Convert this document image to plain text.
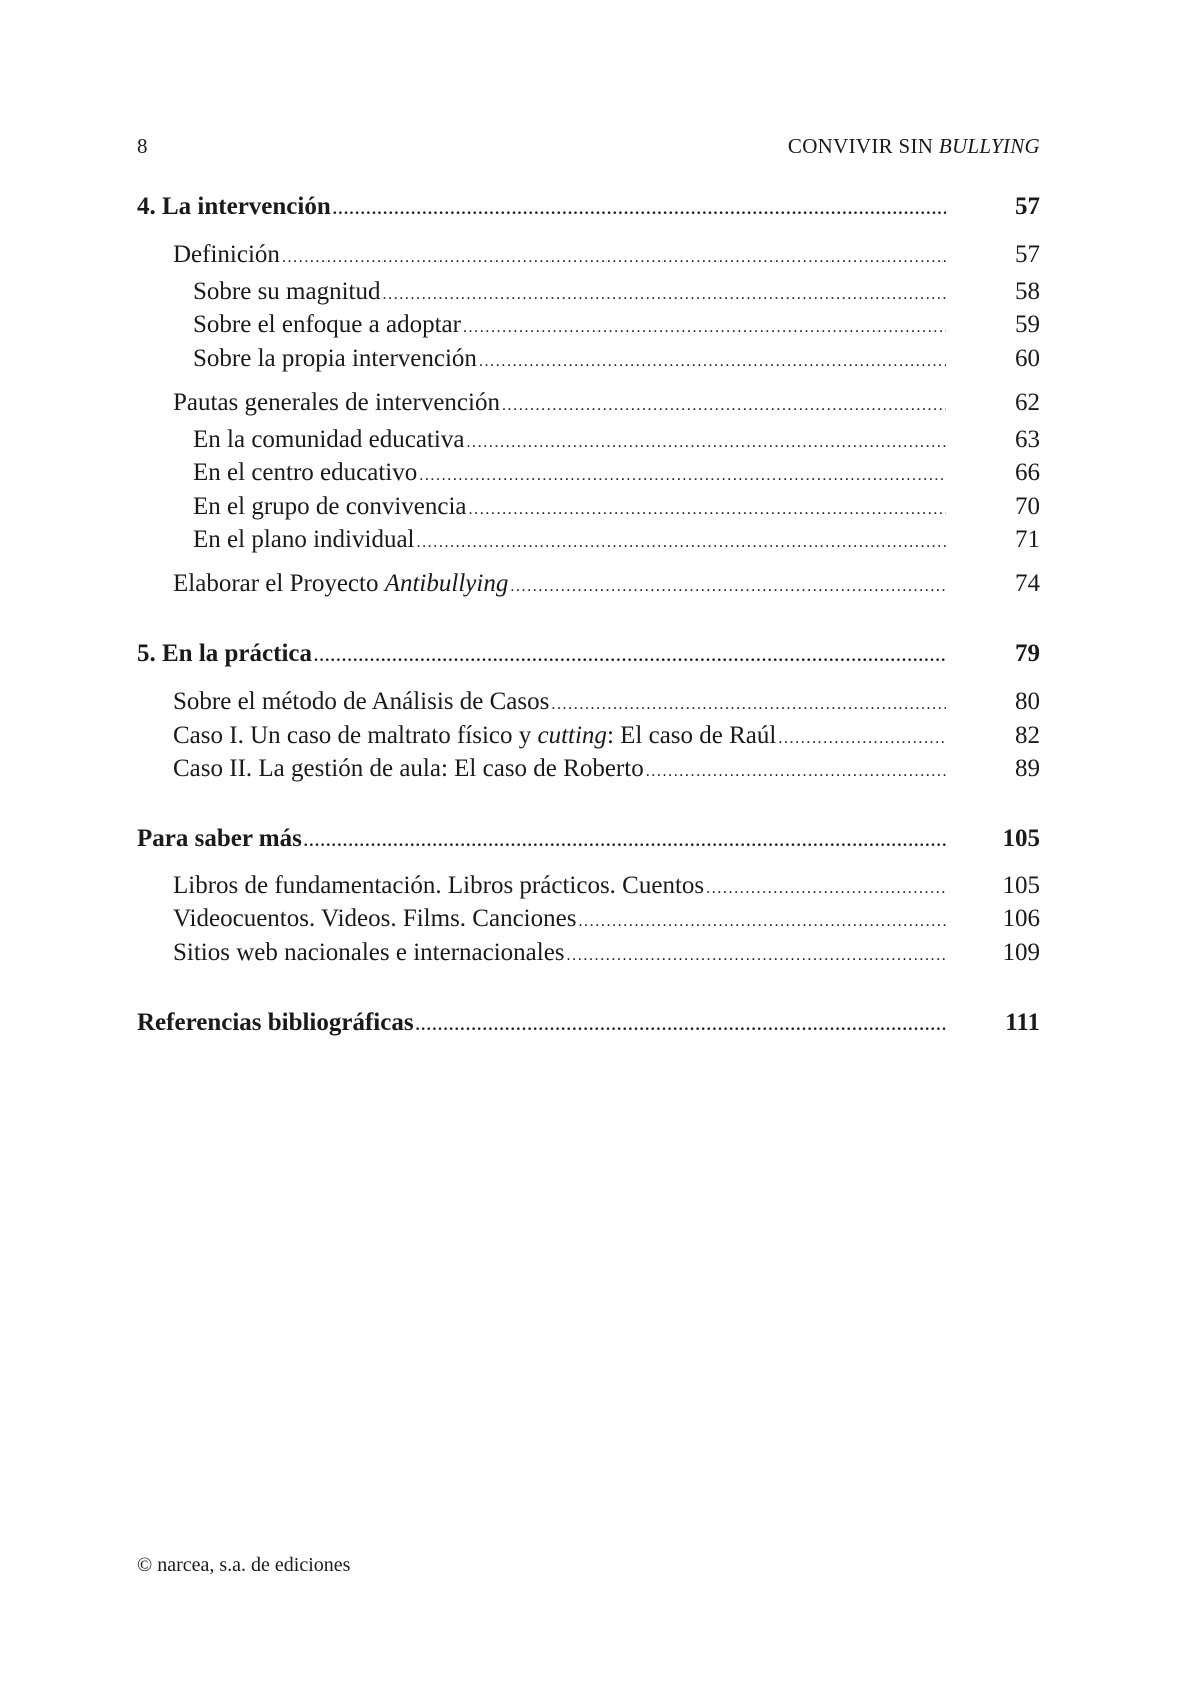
8	CONVIVIR SIN BULLYING
4. La intervención . . .	57
Definición . . .	57
Sobre su magnitud . . .	58
Sobre el enfoque a adoptar . . .	59
Sobre la propia intervención . . .	60
Pautas generales de intervención . . .	62
En la comunidad educativa . . .	63
En el centro educativo . . .	66
En el grupo de convivencia . . .	70
En el plano individual . . .	71
Elaborar el Proyecto Antibullying . . .	74
5. En la práctica . . .	79
Sobre el método de Análisis de Casos . . .	80
Caso I. Un caso de maltrato físico y cutting: El caso de Raúl . . .	82
Caso II. La gestión de aula: El caso de Roberto . . .	89
Para saber más . . .	105
Libros de fundamentación. Libros prácticos. Cuentos . . .	105
Videocuentos. Videos. Films. Canciones . . .	106
Sitios web nacionales e internacionales . . .	109
Referencias bibliográficas . . .	111
© narcea, s.a. de ediciones
